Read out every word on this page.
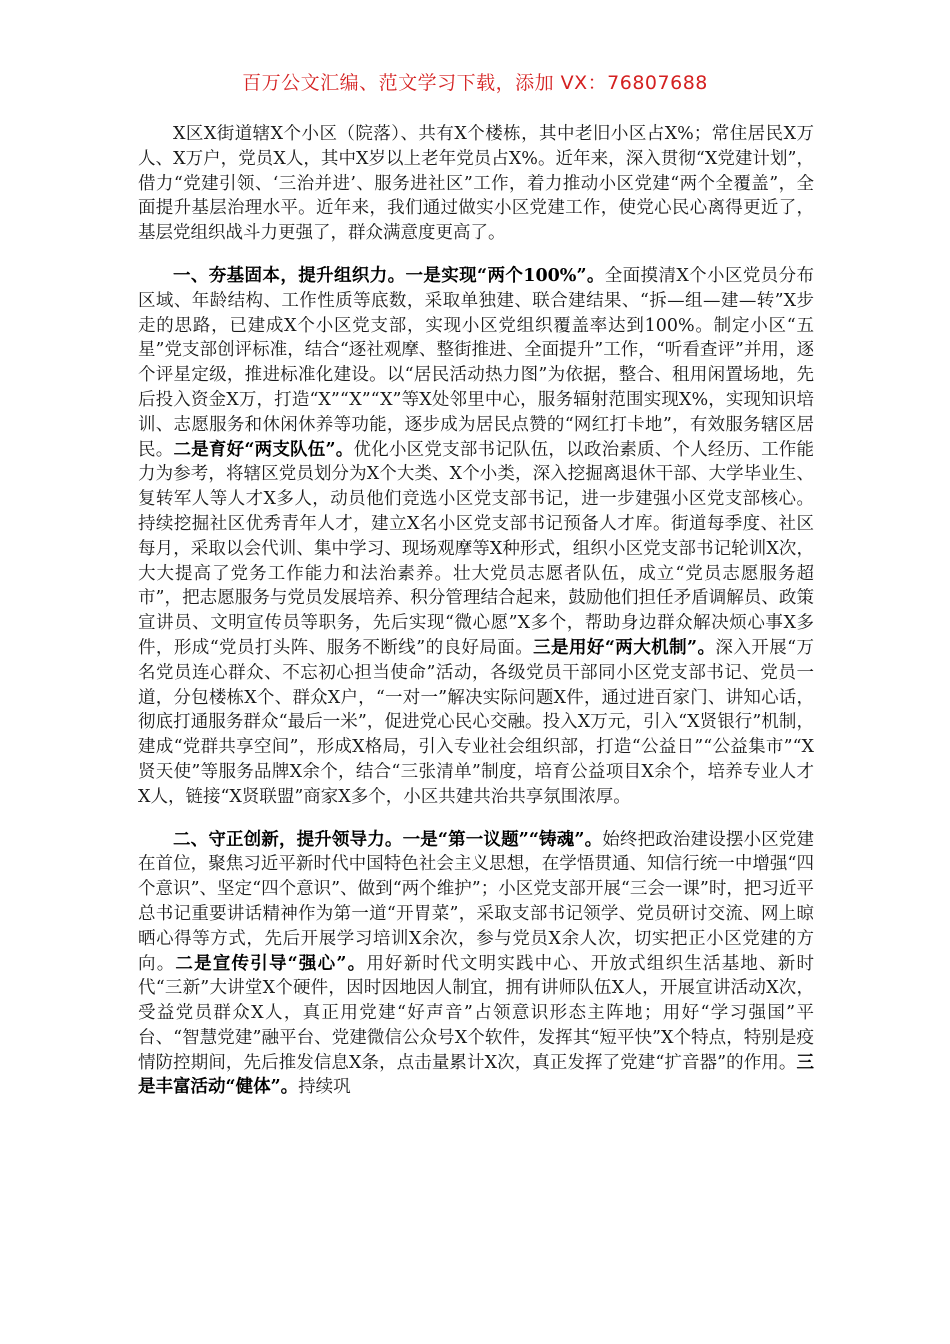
百万公文汇编、范文学习下载，添加 VX：76807688

X区X街道辖X个小区（院落）、共有X个楼栋，其中老旧小区占X%；常住居民X万人、X万户，党员X人，其中X岁以上老年党员占X%。近年来，深入贯彻“X党建计划”，借力“党建引领、‘三治并进’、服务进社区”工作，着力推动小区党建“两个全覆盖”，全面提升基层治理水平。近年来，我们通过做实小区党建工作，使党心民心离得更近了，基层党组织战斗力更强了，群众满意度更高了。

一、夯基固本，提升组织力。一是实现“两个100%”。全面摸清X个小区党员分布区域、年龄结构、工作性质等底数，采取单独建、联合建结果、“拆—组—建—转”X步走的思路，已建成X个小区党支部，实现小区党组织覆盖率达到100%。制定小区“五星”党支部创评标准，结合“逐社观摩、整街推进、全面提升”工作，“听看查评”并用，逐个评星定级，推进标准化建设。以“居民活动热力图”为依据，整合、租用闲置场地，先后投入资金X万，打造“X”“X”“X”等X处邻里中心，服务辐射范围实现X%，实现知识培训、志愿服务和休闲休养等功能，逐步成为居民点赞的“网红打卡地”，有效服务辖区居民。二是育好“两支队伍”。优化小区党支部书记队伍，以政治素质、个人经历、工作能力为参考，将辖区党员划分为X个大类、X个小类，深入挖掘离退休干部、大学毕业生、复转军人等人才X多人，动员他们竞选小区党支部书记，进一步建强小区党支部核心。持续挖掘社区优秀青年人才，建立X名小区党支部书记预备人才库。街道每季度、社区每月，采取以会代训、集中学习、现场观摩等X种形式，组织小区党支部书记轮训X次，大大提高了党务工作能力和法治素养。壮大党员志愿者队伍，成立“党员志愿服务超市”，把志愿服务与党员发展培养、积分管理结合起来，鼓励他们担任矛盾调解员、政策宣讲员、文明宣传员等职务，先后实现“微心愿”X多个，帮助身边群众解决烦心事X多件，形成“党员打头阵、服务不断线”的良好局面。三是用好“两大机制”。深入开展“万名党员连心群众、不忘初心担当使命”活动，各级党员干部同小区党支部书记、党员一道，分包楼栋X个、群众X户，“一对一”解决实际问题X件，通过进百家门、讲知心话，彻底打通服务群众“最后一米”，促进党心民心交融。投入X万元，引入“X贤银行”机制，建成“党群共享空间”，形成X格局，引入专业社会组织部，打造“公益日”“公益集市”“X贤天使”等服务品牌X余个，结合“三张清单”制度，培育公益项目X余个，培养专业人才X人，链接“X贤联盟”商家X多个，小区共建共治共享氛围浓厚。

二、守正创新，提升领导力。一是“第一议题”“铸魂”。始终把政治建设摆小区党建在首位，聚焦习近平新时代中国特色社会主义思想，在学悟贯通、知信行统一中增强“四个意识”、坚定“四个意识”、做到“两个维护”；小区党支部开展“三会一课”时，把习近平总书记重要讲话精神作为第一道“开胃菜”，采取支部书记领学、党员研讨交流、网上晾晒心得等方式，先后开展学习培训X余次，参与党员X余人次，切实把正小区党建的方向。二是宣传引导“强心”。用好新时代文明实践中心、开放式组织生活基地、新时代“三新”大讲堂X个硬件，因时因地因人制宜，拥有讲师队伍X人，开展宣讲活动X次，受益党员群众X人，真正用党建“好声音”占领意识形态主阵地；用好“学习强国”平台、“智慧党建”融平台、党建微信公众号X个软件，发挥其“短平快”X个特点，特别是疫情防控期间，先后推发信息X条，点击量累计X次，真正发挥了党建“扩音器”的作用。三是丰富活动“健体”。持续巩
